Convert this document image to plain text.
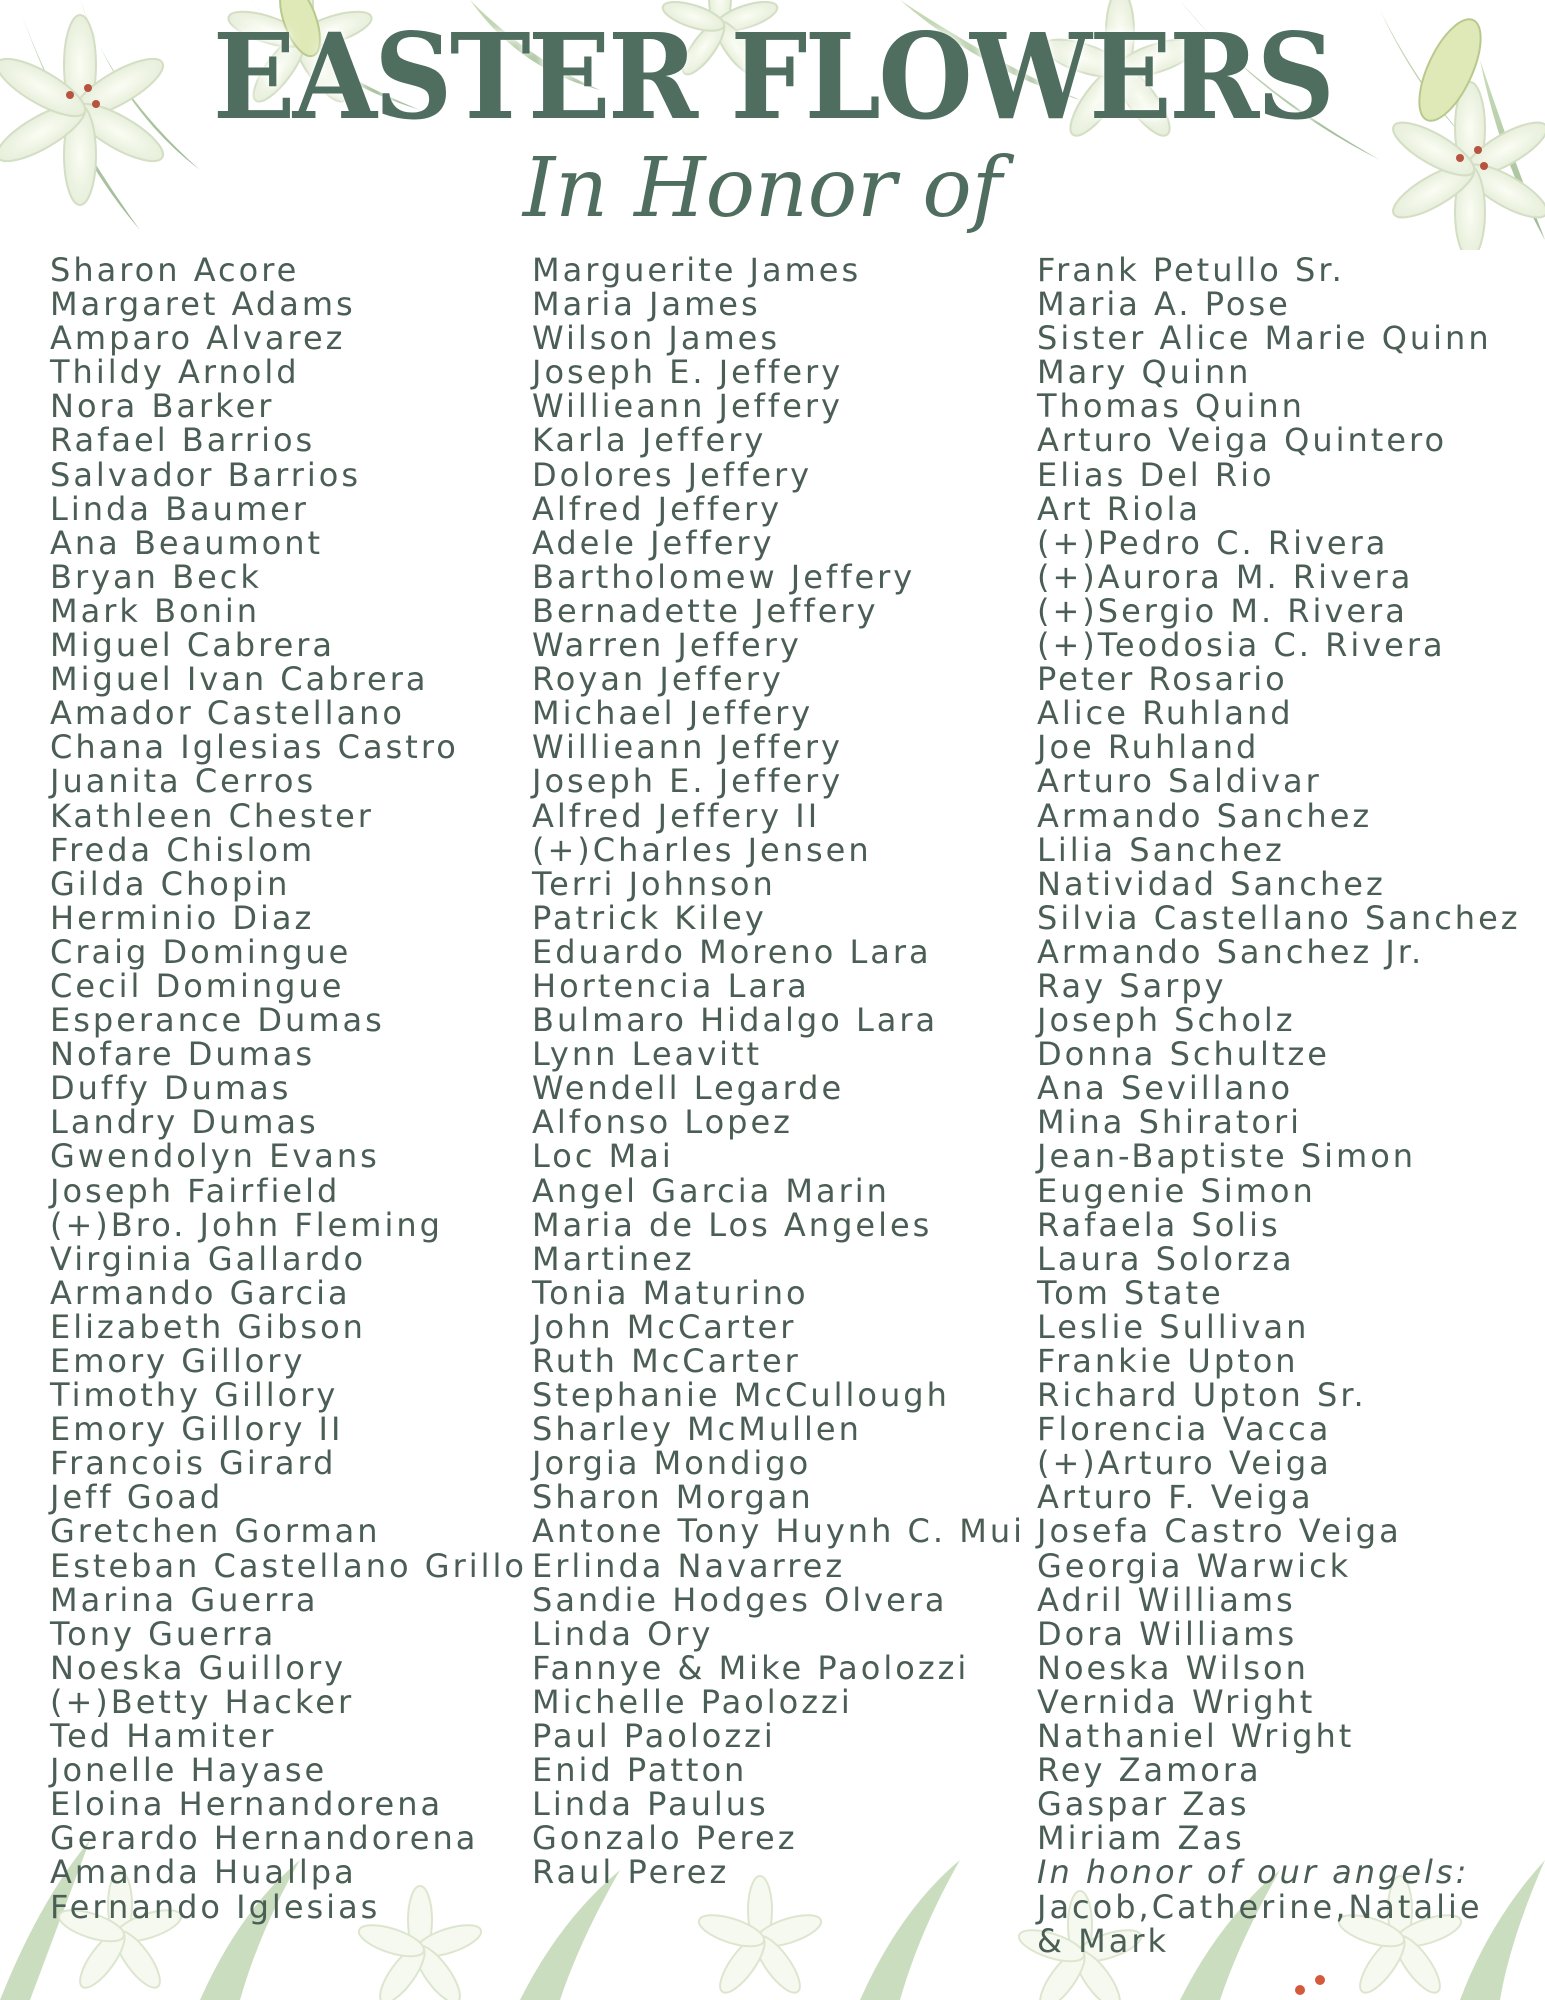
EASTER FLOWERS
In Honor of
Sharon Acore
Margaret Adams
Amparo Alvarez
Thildy Arnold
Nora Barker
Rafael Barrios
Salvador Barrios
Linda Baumer
Ana Beaumont
Bryan Beck
Mark Bonin
Miguel Cabrera
Miguel Ivan Cabrera
Amador Castellano
Chana Iglesias Castro
Juanita Cerros
Kathleen Chester
Freda Chislom
Gilda Chopin
Herminio Diaz
Craig Domingue
Cecil Domingue
Esperance Dumas
Nofare Dumas
Duffy Dumas
Landry Dumas
Gwendolyn Evans
Joseph Fairfield
(+)Bro. John Fleming
Virginia Gallardo
Armando Garcia
Elizabeth Gibson
Emory Gillory
Timothy Gillory
Emory Gillory II
Francois Girard
Jeff Goad
Gretchen Gorman
Esteban Castellano Grillo
Marina Guerra
Tony Guerra
Noeska Guillory
(+)Betty Hacker
Ted Hamiter
Jonelle Hayase
Eloina Hernandorena
Gerardo Hernandorena
Amanda Huallpa
Fernando Iglesias
Marguerite James
Maria James
Wilson James
Joseph E. Jeffery
Willieann Jeffery
Karla Jeffery
Dolores Jeffery
Alfred Jeffery
Adele Jeffery
Bartholomew Jeffery
Bernadette Jeffery
Warren Jeffery
Royan Jeffery
Michael Jeffery
Willieann Jeffery
Joseph E. Jeffery
Alfred Jeffery II
(+)Charles Jensen
Terri Johnson
Patrick Kiley
Eduardo Moreno Lara
Hortencia Lara
Bulmaro Hidalgo Lara
Lynn Leavitt
Wendell Legarde
Alfonso Lopez
Loc Mai
Angel Garcia Marin
Maria de Los Angeles
Martinez
Tonia Maturino
John McCarter
Ruth McCarter
Stephanie McCullough
Sharley McMullen
Jorgia Mondigo
Sharon Morgan
Antone Tony Huynh C. Mui
Erlinda Navarrez
Sandie Hodges Olvera
Linda Ory
Fannye & Mike Paolozzi
Michelle Paolozzi
Paul Paolozzi
Enid Patton
Linda Paulus
Gonzalo Perez
Raul Perez
Frank Petullo Sr.
Maria A. Pose
Sister Alice Marie Quinn
Mary Quinn
Thomas Quinn
Arturo Veiga Quintero
Elias Del Rio
Art Riola
(+)Pedro C. Rivera
(+)Aurora M. Rivera
(+)Sergio M. Rivera
(+)Teodosia C. Rivera
Peter Rosario
Alice Ruhland
Joe Ruhland
Arturo Saldivar
Armando Sanchez
Lilia Sanchez
Natividad Sanchez
Silvia Castellano Sanchez
Armando Sanchez Jr.
Ray Sarpy
Joseph Scholz
Donna Schultze
Ana Sevillano
Mina Shiratori
Jean-Baptiste Simon
Eugenie Simon
Rafaela Solis
Laura Solorza
Tom State
Leslie Sullivan
Frankie Upton
Richard Upton Sr.
Florencia Vacca
(+)Arturo Veiga
Arturo F. Veiga
Josefa Castro Veiga
Georgia Warwick
Adril Williams
Dora Williams
Noeska Wilson
Vernida Wright
Nathaniel Wright
Rey Zamora
Gaspar Zas
Miriam Zas
In honor of our angels:
Jacob,Catherine,Natalie
& Mark
